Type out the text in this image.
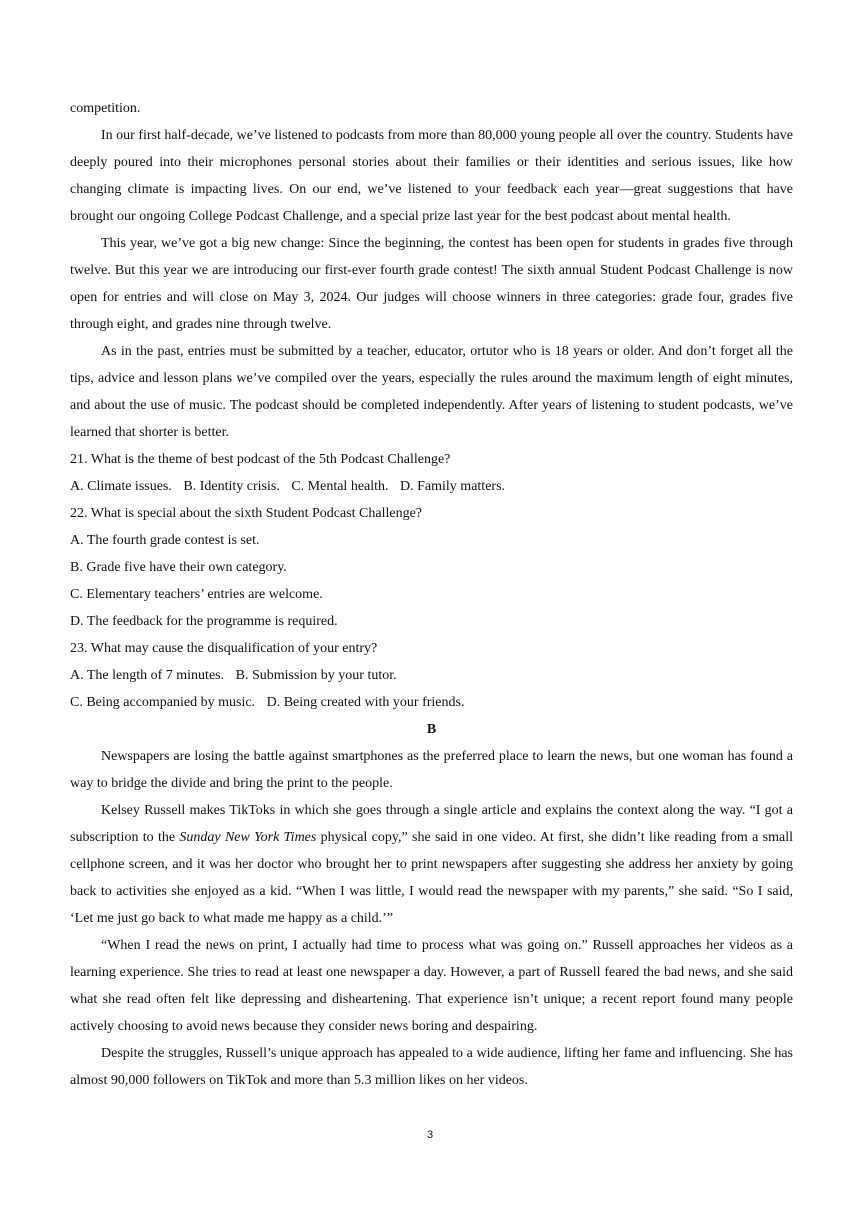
competition.

In our first half-decade, we’ve listened to podcasts from more than 80,000 young people all over the country. Students have deeply poured into their microphones personal stories about their families or their identities and serious issues, like how changing climate is impacting lives. On our end, we’ve listened to your feedback each year—great suggestions that have brought our ongoing College Podcast Challenge, and a special prize last year for the best podcast about mental health.

This year, we’ve got a big new change: Since the beginning, the contest has been open for students in grades five through twelve. But this year we are introducing our first-ever fourth grade contest! The sixth annual Student Podcast Challenge is now open for entries and will close on May 3, 2024. Our judges will choose winners in three categories: grade four, grades five through eight, and grades nine through twelve.

As in the past, entries must be submitted by a teacher, educator, ortutor who is 18 years or older. And don’t forget all the tips, advice and lesson plans we’ve compiled over the years, especially the rules around the maximum length of eight minutes, and about the use of music. The podcast should be completed independently. After years of listening to student podcasts, we’ve learned that shorter is better.

21. What is the theme of best podcast of the 5th Podcast Challenge?
A. Climate issues. B. Identity crisis. C. Mental health. D. Family matters.
22. What is special about the sixth Student Podcast Challenge?
A. The fourth grade contest is set.
B. Grade five have their own category.
C. Elementary teachers’ entries are welcome.
D. The feedback for the programme is required.
23. What may cause the disqualification of your entry?
A. The length of 7 minutes. B. Submission by your tutor.
C. Being accompanied by music. D. Being created with your friends.
B

Newspapers are losing the battle against smartphones as the preferred place to learn the news, but one woman has found a way to bridge the divide and bring the print to the people.

Kelsey Russell makes TikToks in which she goes through a single article and explains the context along the way. “I got a subscription to the Sunday New York Times physical copy,” she said in one video. At first, she didn’t like reading from a small cellphone screen, and it was her doctor who brought her to print newspapers after suggesting she address her anxiety by going back to activities she enjoyed as a kid. “When I was little, I would read the newspaper with my parents,” she said. “So I said, ‘Let me just go back to what made me happy as a child.’”

“When I read the news on print, I actually had time to process what was going on.” Russell approaches her videos as a learning experience. She tries to read at least one newspaper a day. However, a part of Russell feared the bad news, and she said what she read often felt like depressing and disheartening. That experience isn’t unique; a recent report found many people actively choosing to avoid news because they consider news boring and despairing.

Despite the struggles, Russell’s unique approach has appealed to a wide audience, lifting her fame and influencing. She has almost 90,000 followers on TikTok and more than 5.3 million likes on her videos.

3
